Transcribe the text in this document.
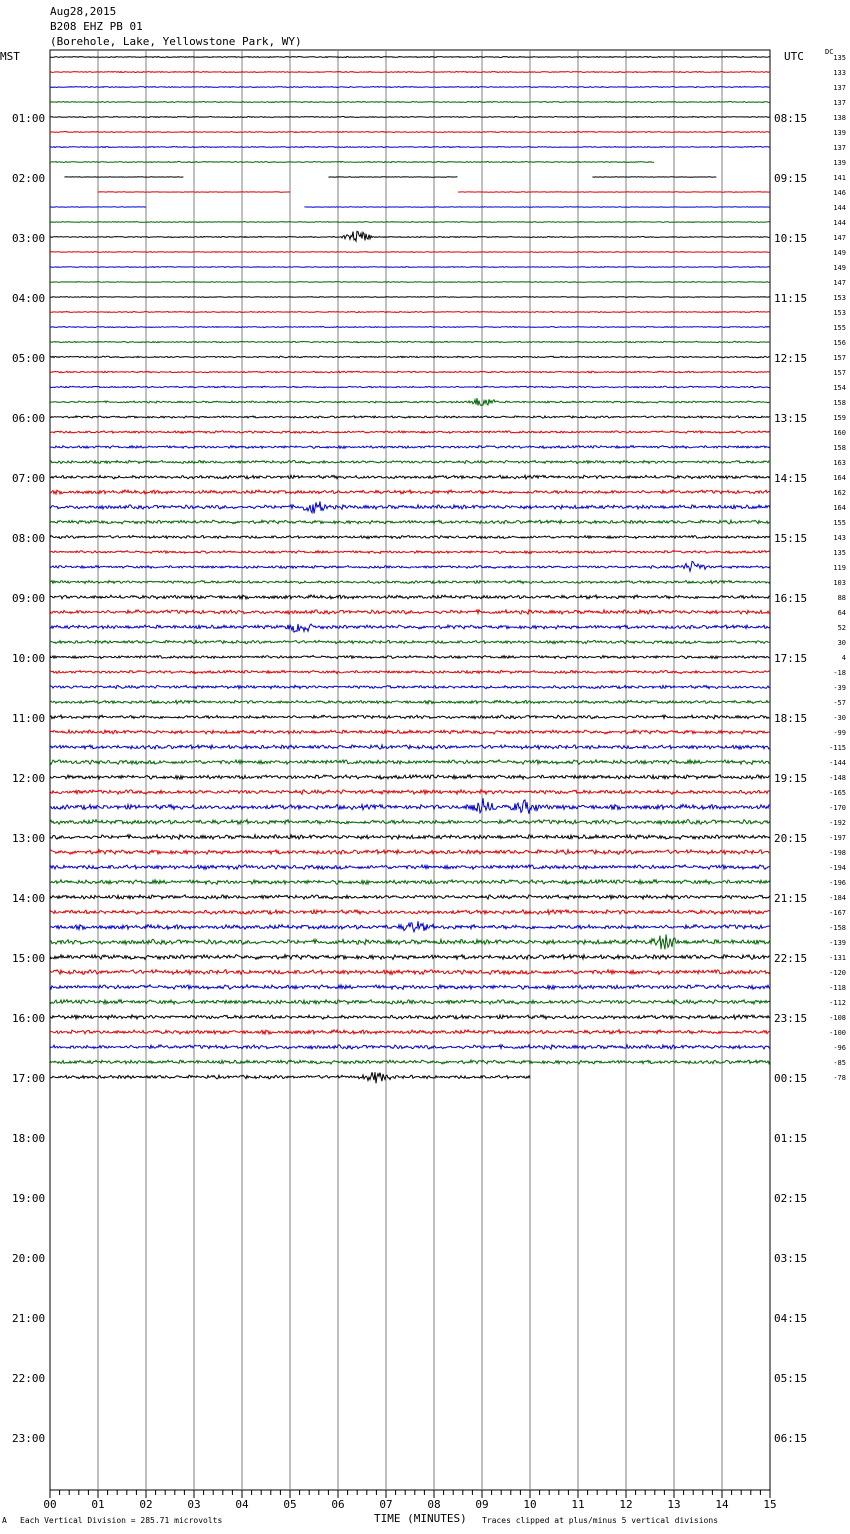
Aug28,2015
B208 EHZ PB 01
(Borehole, Lake, Yellowstone Park, WY)
MST	UTC	DC
00	01	02	03	04	05	06	07	08	09	10	11	12	13	14	15
01:00
02:00
03:00
04:00
05:00
06:00
07:00
08:00
09:00
10:00
11:00
12:00
13:00
14:00
15:00
16:00
17:00
18:00
19:00
20:00
21:00
22:00
23:00
08:15
09:15
10:15
11:15
12:15
13:15
14:15
15:15
16:15
17:15
18:15
19:15
20:15
21:15
22:15
23:15
00:15
01:15
02:15
03:15
04:15
05:15
06:15
135
133
137
137
138
139
137
139
141
146
144
144
147
149
149
147
153
153
155
156
157
157
154
158
159
160
158
163
164
162
164
155
143
135
119
103
88
64
52
30
4
-18
-39
-57
-30
-99
-115
-144
-148
-165
-170
-192
-197
-198
-194
-196
-184
-167
-158
-139
-131
-120
-118
-112
-108
-100
-96
-85
-78
A Each Vertical Division = 285.71 microvolts	TIME (MINUTES) Traces clipped at plus/minus 5 vertical divisions
